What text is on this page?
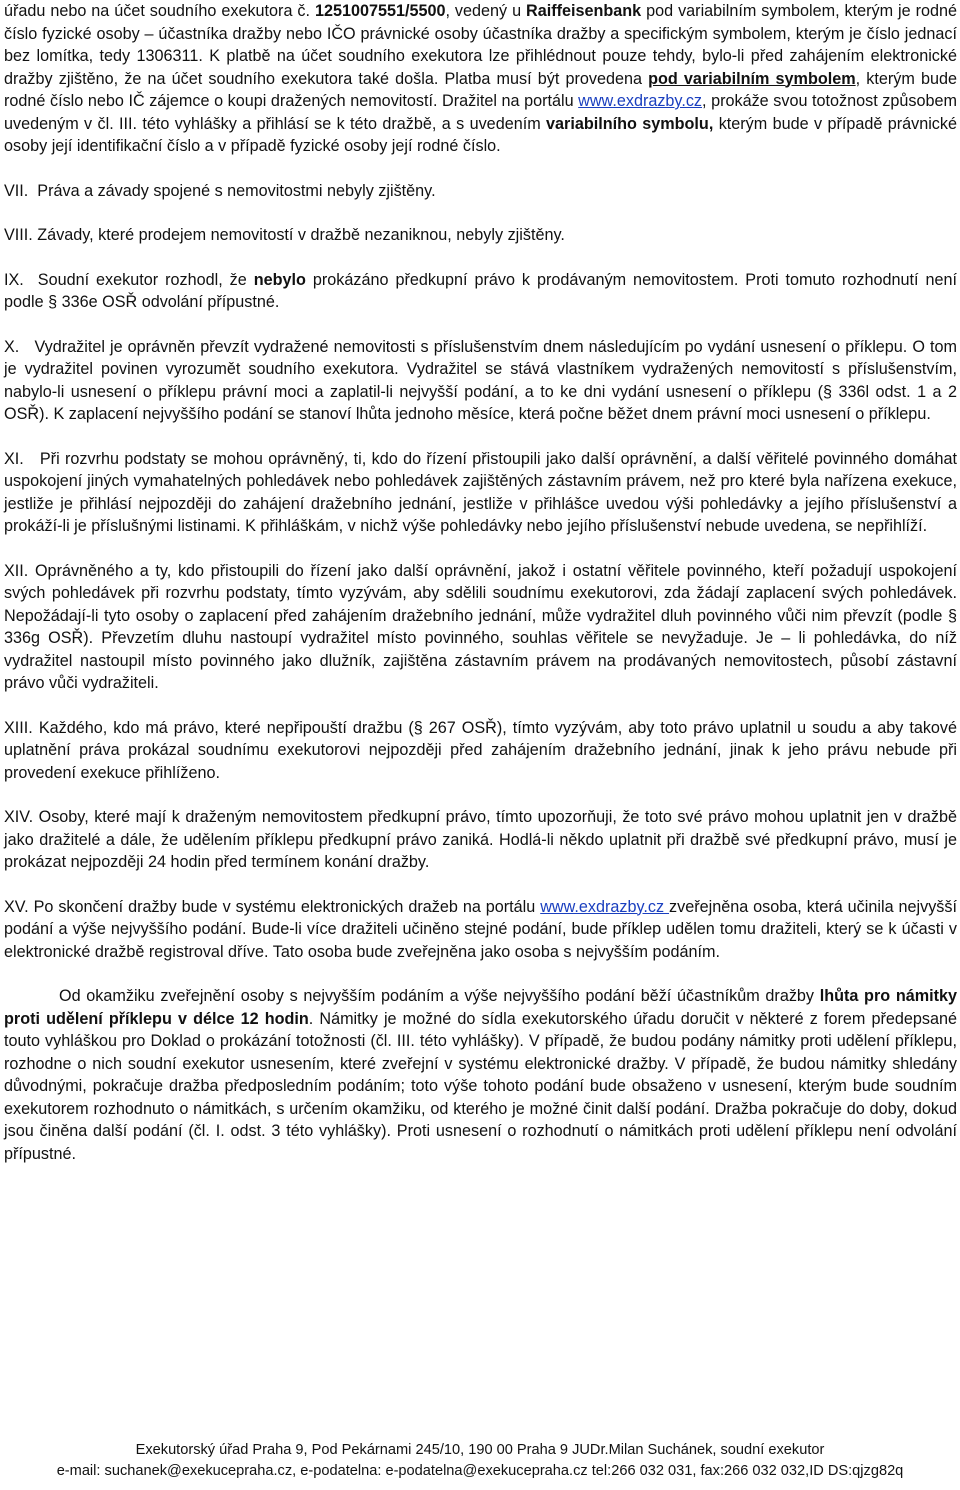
úřadu nebo na účet soudního exekutora č. 1251007551/5500, vedený u Raiffeisenbank pod variabilním symbolem, kterým je rodné číslo fyzické osoby – účastníka dražby nebo IČO právnické osoby účastníka dražby a specifickým symbolem, kterým je číslo jednací bez lomítka, tedy 1306311. K platbě na účet soudního exekutora lze přihlédnout pouze tehdy, bylo-li před zahájením elektronické dražby zjištěno, že na účet soudního exekutora také došla. Platba musí být provedena pod variabilním symbolem, kterým bude rodné číslo nebo IČ zájemce o koupi dražených nemovitostí. Dražitel na portálu www.exdrazby.cz, prokáže svou totožnost způsobem uvedeným v čl. III. této vyhlášky a přihlásí se k této dražbě, a s uvedením variabilního symbolu, kterým bude v případě právnické osoby její identifikační číslo a v případě fyzické osoby její rodné číslo.

VII. Práva a závady spojené s nemovitostmi nebyly zjištěny.

VIII. Závady, které prodejem nemovitostí v dražbě nezaniknou, nebyly zjištěny.

IX. Soudní exekutor rozhodl, že nebylo prokázáno předkupní právo k prodávaným nemovitostem. Proti tomuto rozhodnutí není podle § 336e OSŘ odvolání přípustné.

X. Vydražitel je oprávněn převzít vydražené nemovitosti s příslušenstvím dnem následujícím po vydání usnesení o příklepu. O tom je vydražitel povinen vyrozumět soudního exekutora. Vydražitel se stává vlastníkem vydražených nemovitostí s příslušenstvím, nabylo-li usnesení o příklepu právní moci a zaplatil-li nejvyšší podání, a to ke dni vydání usnesení o příklepu (§ 336l odst. 1 a 2 OSŘ). K zaplacení nejvyššího podání se stanoví lhůta jednoho měsíce, která počne běžet dnem právní moci usnesení o příklepu.

XI. Při rozvrhu podstaty se mohou oprávněný, ti, kdo do řízení přistoupili jako další oprávnění, a další věřitelé povinného domáhat uspokojení jiných vymahatelných pohledávek nebo pohledávek zajištěných zástavním právem, než pro které byla nařízena exekuce, jestliže je přihlásí nejpozději do zahájení dražebního jednání, jestliže v přihlášce uvedou výši pohledávky a jejího příslušenství a prokáží-li je příslušnými listinami. K přihláškám, v nichž výše pohledávky nebo jejího příslušenství nebude uvedena, se nepřihlíží.

XII. Oprávněného a ty, kdo přistoupili do řízení jako další oprávnění, jakož i ostatní věřitele povinného, kteří požadují uspokojení svých pohledávek při rozvrhu podstaty, tímto vyzývám, aby sdělili soudnímu exekutorovi, zda žádají zaplacení svých pohledávek. Nepožádají-li tyto osoby o zaplacení před zahájením dražebního jednání, může vydražitel dluh povinného vůči nim převzít (podle § 336g OSŘ). Převzetím dluhu nastoupí vydražitel místo povinného, souhlas věřitele se nevyžaduje. Je – li pohledávka, do níž vydražitel nastoupil místo povinného jako dlužník, zajištěna zástavním právem na prodávaných nemovitostech, působí zástavní právo vůči vydražiteli.

XIII. Každého, kdo má právo, které nepřipouští dražbu (§ 267 OSŘ), tímto vyzývám, aby toto právo uplatnil u soudu a aby takové uplatnění práva prokázal soudnímu exekutorovi nejpozději před zahájením dražebního jednání, jinak k jeho právu nebude při provedení exekuce přihlíženo.

XIV. Osoby, které mají k draženým nemovitostem předkupní právo, tímto upozorňuji, že toto své právo mohou uplatnit jen v dražbě jako dražitelé a dále, že udělením příklepu předkupní právo zaniká. Hodlá-li někdo uplatnit při dražbě své předkupní právo, musí je prokázat nejpozději 24 hodin před termínem konání dražby.

XV. Po skončení dražby bude v systému elektronických dražeb na portálu www.exdrazby.cz zveřejněna osoba, která učinila nejvyšší podání a výše nejvyššího podání. Bude-li více dražiteli učiněno stejné podání, bude příklep udělen tomu dražiteli, který se k účasti v elektronické dražbě registroval dříve. Tato osoba bude zveřejněna jako osoba s nejvyšším podáním.

Od okamžiku zveřejnění osoby s nejvyšším podáním a výše nejvyššího podání běží účastníkům dražby lhůta pro námitky proti udělení příklepu v délce 12 hodin. Námitky je možné do sídla exekutorského úřadu doručit v některé z forem předepsané touto vyhláškou pro Doklad o prokázání totožnosti (čl. III. této vyhlášky). V případě, že budou podány námitky proti udělení příklepu, rozhodne o nich soudní exekutor usnesením, které zveřejní v systému elektronické dražby. V případě, že budou námitky shledány důvodnými, pokračuje dražba předposledním podáním; toto výše tohoto podání bude obsaženo v usnesení, kterým bude soudním exekutorem rozhodnuto o námitkách, s určením okamžiku, od kterého je možné činit další podání. Dražba pokračuje do doby, dokud jsou činěna další podání (čl. I. odst. 3 této vyhlášky). Proti usnesení o rozhodnutí o námitkách proti udělení příklepu není odvolání přípustné.

Exekutorský úřad Praha 9, Pod Pekárnami 245/10, 190 00 Praha 9 JUDr.Milan Suchánek, soudní exekutor
e-mail: suchanek@exekucepraha.cz, e-podatelna: e-podatelna@exekucepraha.cz tel:266 032 031, fax:266 032 032,ID DS:qjzg82q
